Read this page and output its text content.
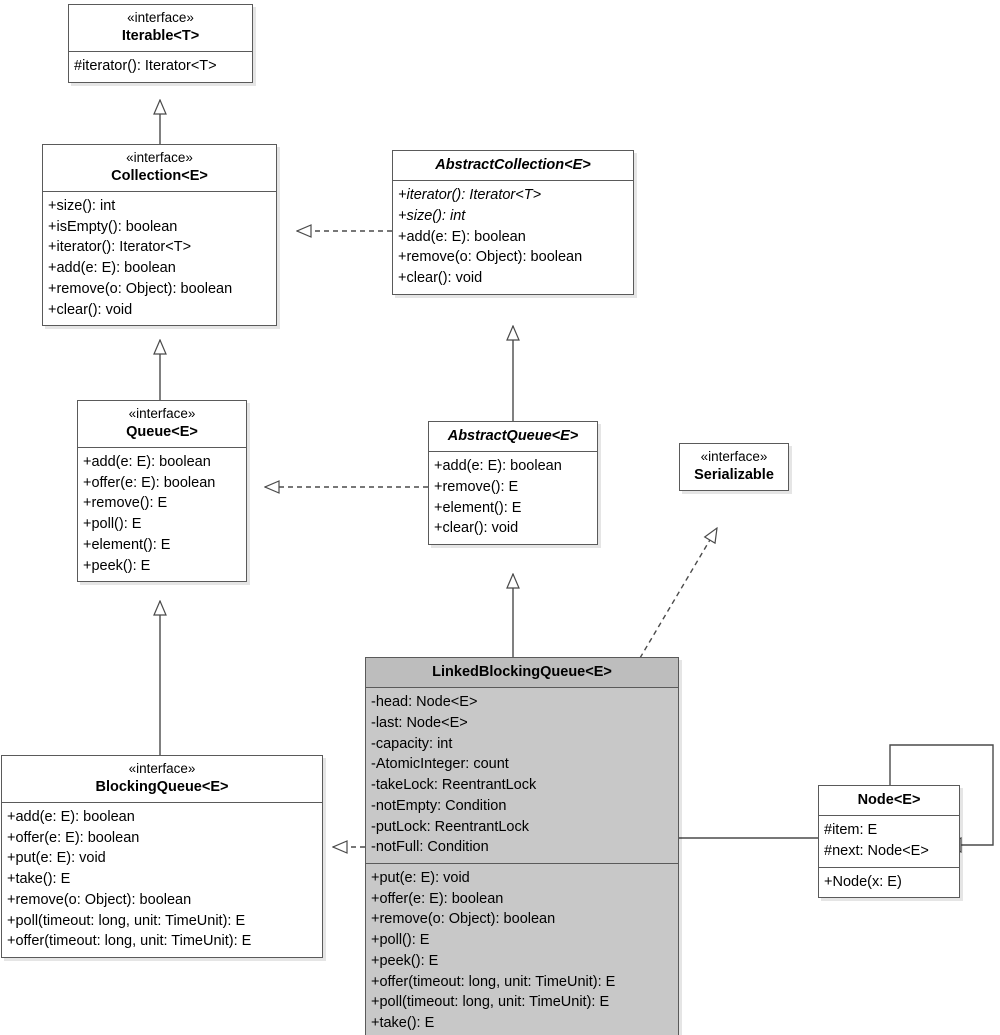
«interface»
Iterable<T>
#iterator(): Iterator<T>
«interface»
Collection<E>
+size(): int
+isEmpty(): boolean
+iterator(): Iterator<T>
+add(e: E): boolean
+remove(o: Object): boolean
+clear(): void
AbstractCollection<E>
+iterator(): Iterator<T>
+size(): int
+add(e: E): boolean
+remove(o: Object): boolean
+clear(): void
«interface»
Queue<E>
+add(e: E): boolean
+offer(e: E): boolean
+remove(): E
+poll(): E
+element(): E
+peek(): E
AbstractQueue<E>
+add(e: E): boolean
+remove(): E
+element(): E
+clear(): void
«interface»
Serializable
«interface»
BlockingQueue<E>
+add(e: E): boolean
+offer(e: E): boolean
+put(e: E): void
+take(): E
+remove(o: Object): boolean
+poll(timeout: long, unit: TimeUnit): E
+offer(timeout: long, unit: TimeUnit): E
LinkedBlockingQueue<E>
-head: Node<E>
-last: Node<E>
-capacity: int
-AtomicInteger: count
-takeLock: ReentrantLock
-notEmpty: Condition
-putLock: ReentrantLock
-notFull: Condition
+put(e: E): void
+offer(e: E): boolean
+remove(o: Object): boolean
+poll(): E
+peek(): E
+offer(timeout: long, unit: TimeUnit): E
+poll(timeout: long, unit: TimeUnit): E
+take(): E
Node<E>
#item: E
#next: Node<E>
+Node(x: E)
